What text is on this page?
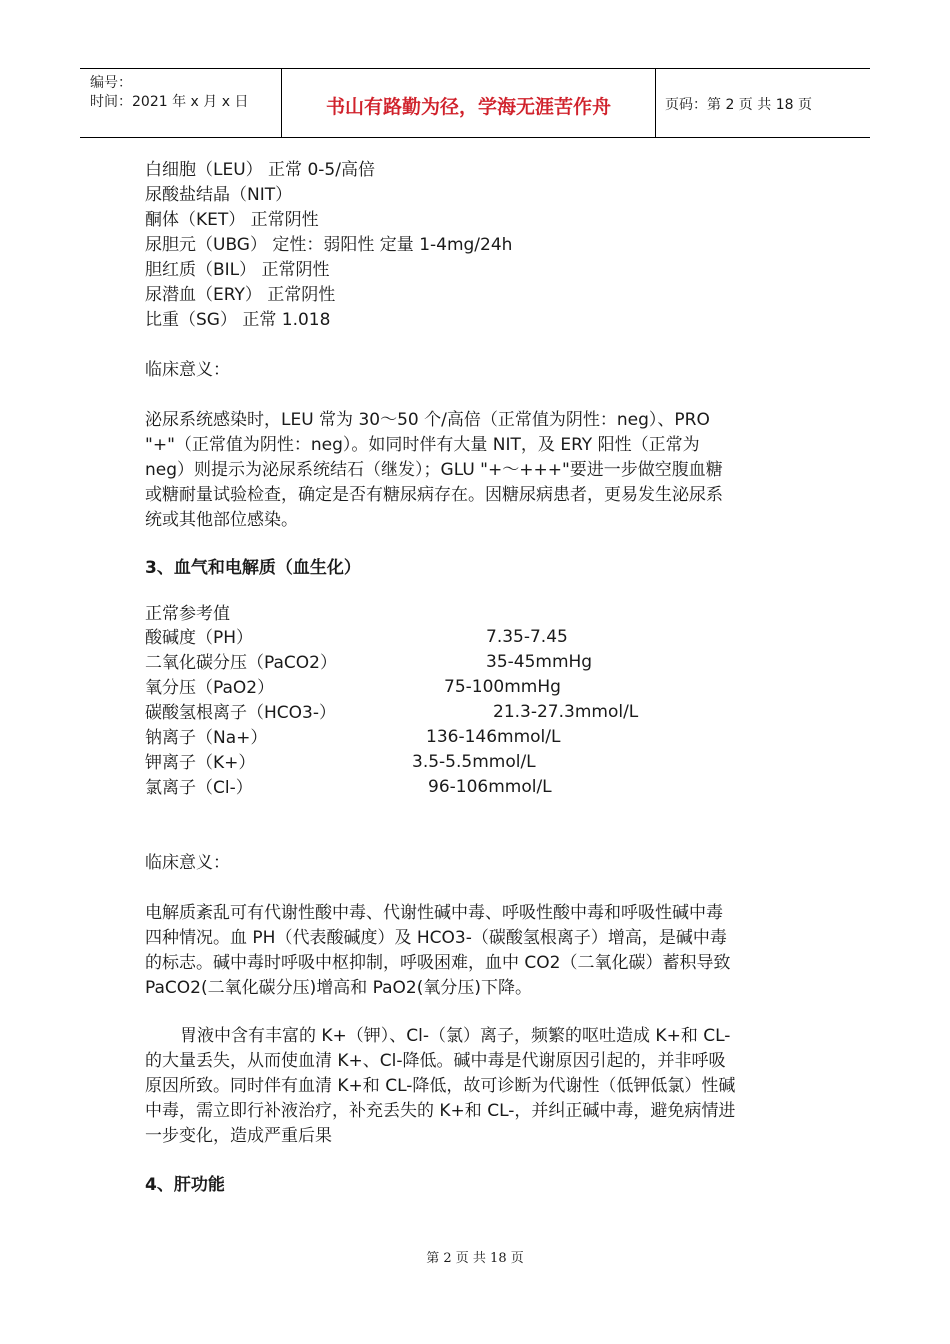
编号：
时间：2021 年 x 月 x 日	书山有路勤为径，学海无涯苦作舟	页码：第 2 页 共 18 页
白细胞（LEU） 正常 0-5/高倍
尿酸盐结晶（NIT）
酮体（KET） 正常阴性
尿胆元（UBG） 定性：弱阳性 定量 1-4mg/24h
胆红质（BIL） 正常阴性
尿潜血（ERY） 正常阴性
比重（SG） 正常 1.018
临床意义：
泌尿系统感染时，LEU 常为 30～50 个/高倍（正常值为阴性：neg）、PRO
"+"（正常值为阴性：neg）。如同时伴有大量 NIT，及 ERY 阳性（正常为
neg）则提示为泌尿系统结石（继发）；GLU "+～+++"要进一步做空腹血糖
或糖耐量试验检查，确定是否有糖尿病存在。因糖尿病患者，更易发生泌尿系
统或其他部位感染。
3、血气和电解质（血生化）
正常参考值
酸碱度（PH）	7.35-7.45
二氧化碳分压（PaCO2）	35-45mmHg
氧分压（PaO2）	75-100mmHg
碳酸氢根离子（HCO3-）	21.3-27.3mmol/L
钠离子（Na+）	136-146mmol/L
钾离子（K+）	3.5-5.5mmol/L
氯离子（Cl-）	96-106mmol/L
临床意义：
电解质紊乱可有代谢性酸中毒、代谢性碱中毒、呼吸性酸中毒和呼吸性碱中毒
四种情况。血 PH（代表酸碱度）及 HCO3-（碳酸氢根离子）增高，是碱中毒
的标志。碱中毒时呼吸中枢抑制，呼吸困难，血中 CO2（二氧化碳）蓄积导致
PaCO2(二氧化碳分压)增高和 PaO2(氧分压)下降。
胃液中含有丰富的 K+（钾）、Cl-（氯）离子，频繁的呕吐造成 K+和 CL-
的大量丢失，从而使血清 K+、Cl-降低。碱中毒是代谢原因引起的，并非呼吸
原因所致。同时伴有血清 K+和 CL-降低，故可诊断为代谢性（低钾低氯）性碱
中毒，需立即行补液治疗，补充丢失的 K+和 CL-，并纠正碱中毒，避免病情进
一步变化，造成严重后果
4、肝功能
第 2 页 共 18 页
